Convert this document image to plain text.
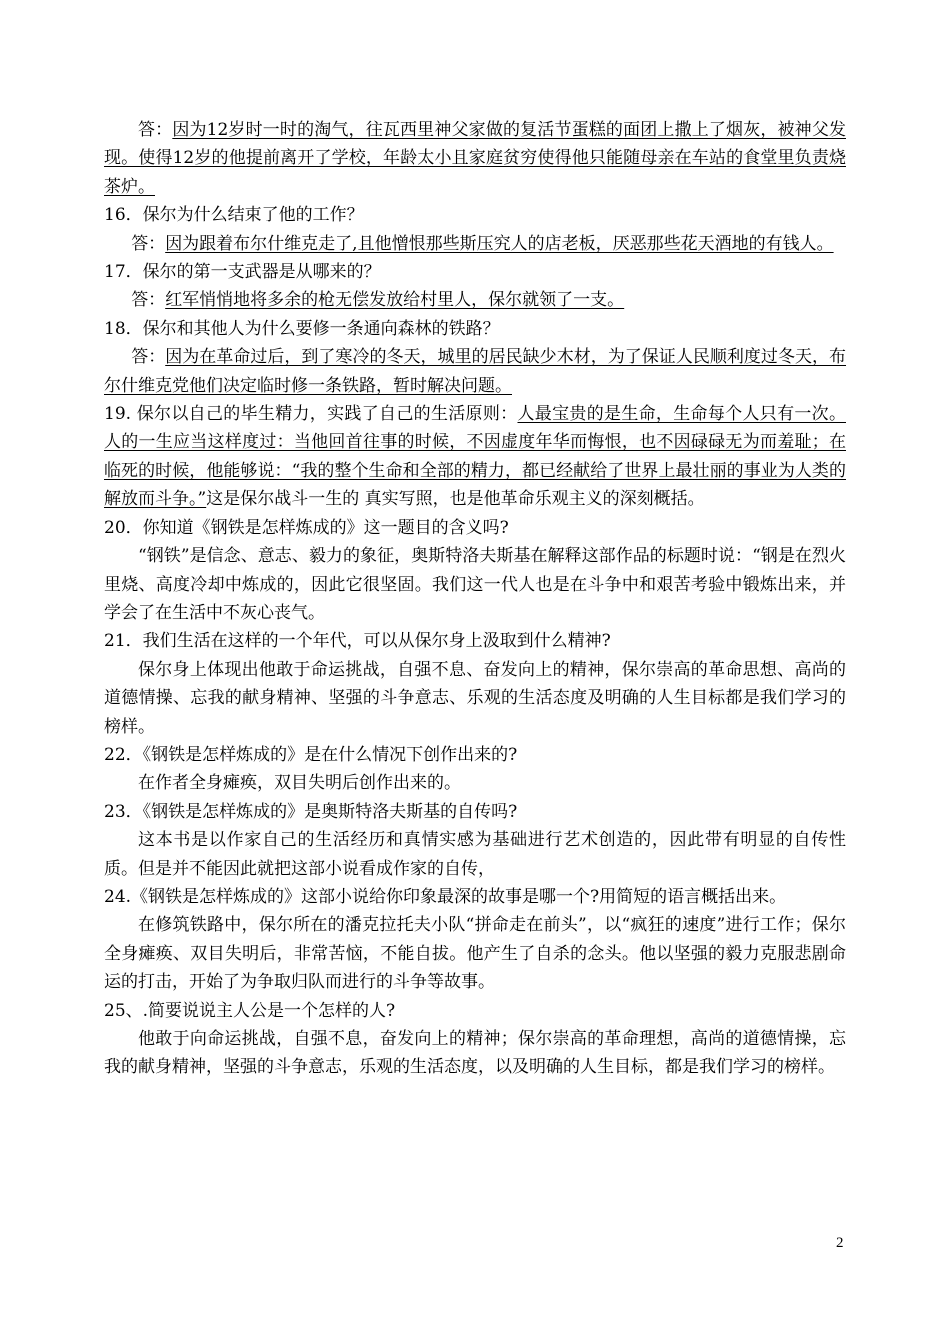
答：因为12岁时一时的淘气，往瓦西里神父家做的复活节蛋糕的面团上撒上了烟灰，被神父发现。使得12岁的他提前离开了学校，年龄太小且家庭贫穷使得他只能随母亲在车站的食堂里负责烧茶炉。

16．保尔为什么结束了他的工作？

答：因为跟着布尔什维克走了,且他憎恨那些斯压究人的店老板，厌恶那些花天酒地的有钱人。

17．保尔的第一支武器是从哪来的？

答：红军悄悄地将多余的枪无偿发放给村里人，保尔就领了一支。

18．保尔和其他人为什么要修一条通向森林的铁路？

答：因为在革命过后，到了寒冷的冬天，城里的居民缺少木材，为了保证人民顺利度过冬天，布尔什维克党他们决定临时修一条铁路，暂时解决问题。

19. 保尔以自己的毕生精力，实践了自己的生活原则：人最宝贵的是生命，生命每个人只有一次。人的一生应当这样度过：当他回首往事的时候，不因虚度年华而悔恨，也不因碌碌无为而羞耻；在临死的时候，他能够说：“我的整个生命和全部的精力，都已经献给了世界上最壮丽的事业为人类的解放而斗争。”这是保尔战斗一生的 真实写照，也是他革命乐观主义的深刻概括。

20．你知道《钢铁是怎样炼成的》这一题目的含义吗?

“钢铁”是信念、意志、毅力的象征，奥斯特洛夫斯基在解释这部作品的标题时说：“钢是在烈火里烧、高度冷却中炼成的，因此它很坚固。我们这一代人也是在斗争中和艰苦考验中锻炼出来，并学会了在生活中不灰心丧气。

21．我们生活在这样的一个年代，可以从保尔身上汲取到什么精神?

保尔身上体现出他敢于命运挑战，自强不息、奋发向上的精神，保尔崇高的革命思想、高尚的道德情操、忘我的献身精神、坚强的斗争意志、乐观的生活态度及明确的人生目标都是我们学习的榜样。

22．《钢铁是怎样炼成的》是在什么情况下创作出来的?

在作者全身瘫痪，双目失明后创作出来的。

23．《钢铁是怎样炼成的》是奥斯特洛夫斯基的自传吗?

这本书是以作家自己的生活经历和真情实感为基础进行艺术创造的，因此带有明显的自传性质。但是并不能因此就把这部小说看成作家的自传，

24.《钢铁是怎样炼成的》这部小说给你印象最深的故事是哪一个?用简短的语言概括出来。

在修筑铁路中，保尔所在的潘克拉托夫小队“拼命走在前头”，以“疯狂的速度”进行工作；保尔全身瘫痪、双目失明后，非常苦恼，不能自拔。他产生了自杀的念头。他以坚强的毅力克服悲剧命运的打击，开始了为争取归队而进行的斗争等故事。

25、.简要说说主人公是一个怎样的人?

他敢于向命运挑战，自强不息，奋发向上的精神；保尔崇高的革命理想，高尚的道德情操，忘我的献身精神，坚强的斗争意志，乐观的生活态度，以及明确的人生目标，都是我们学习的榜样。

2
